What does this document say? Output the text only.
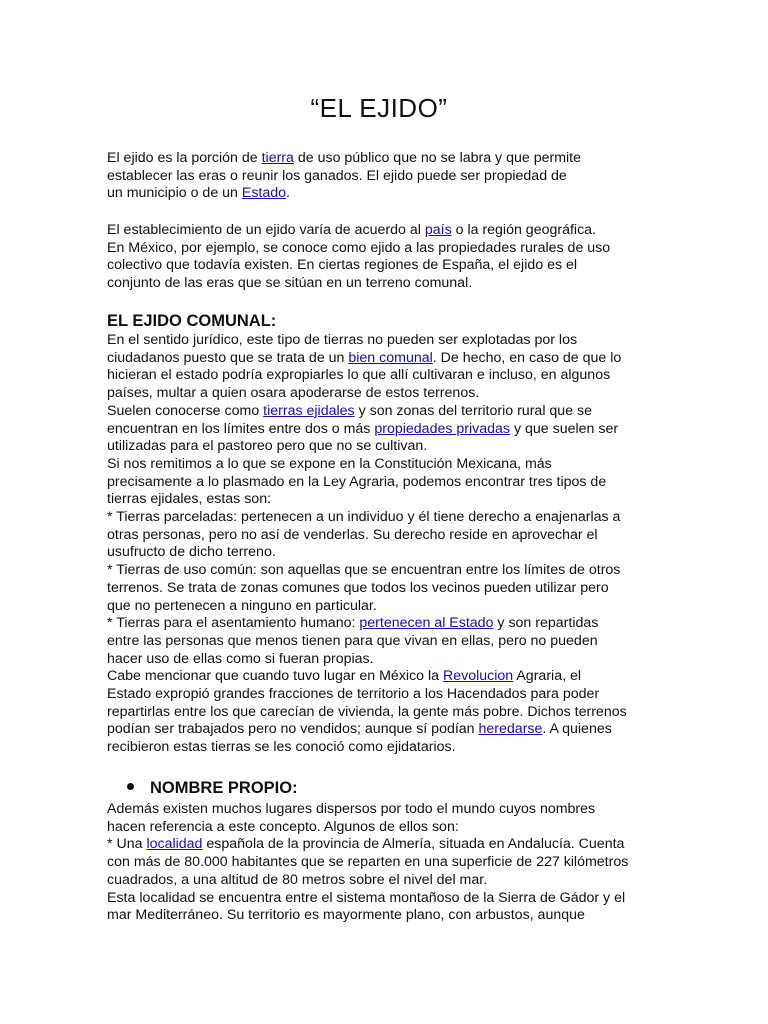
“EL EJIDO”

El ejido es la porción de tierra de uso público que no se labra y que permite
establecer las eras o reunir los ganados. El ejido puede ser propiedad de
un municipio o de un Estado.

El establecimiento de un ejido varía de acuerdo al país o la región geográfica.
En México, por ejemplo, se conoce como ejido a las propiedades rurales de uso
colectivo que todavía existen. En ciertas regiones de España, el ejido es el
conjunto de las eras que se sitúan en un terreno comunal.

EL EJIDO COMUNAL:

En el sentido jurídico, este tipo de tierras no pueden ser explotadas por los
ciudadanos puesto que se trata de un bien comunal. De hecho, en caso de que lo
hicieran el estado podría expropiarles lo que allí cultivaran e incluso, en algunos
países, multar a quien osara apoderarse de estos terrenos.
Suelen conocerse como tierras ejidales y son zonas del territorio rural que se
encuentran en los límites entre dos o más propiedades privadas y que suelen ser
utilizadas para el pastoreo pero que no se cultivan.
Si nos remitimos a lo que se expone en la Constitución Mexicana, más
precisamente a lo plasmado en la Ley Agraria, podemos encontrar tres tipos de
tierras ejidales, estas son:
* Tierras parceladas: pertenecen a un individuo y él tiene derecho a enajenarlas a
otras personas, pero no así de venderlas. Su derecho reside en aprovechar el
usufructo de dicho terreno.
* Tierras de uso común: son aquellas que se encuentran entre los límites de otros
terrenos. Se trata de zonas comunes que todos los vecinos pueden utilizar pero
que no pertenecen a ninguno en particular.
* Tierras para el asentamiento humano: pertenecen al Estado y son repartidas
entre las personas que menos tienen para que vivan en ellas, pero no pueden
hacer uso de ellas como si fueran propias.
Cabe mencionar que cuando tuvo lugar en México la Revolucion Agraria, el
Estado expropió grandes fracciones de territorio a los Hacendados para poder
repartirlas entre los que carecían de vivienda, la gente más pobre. Dichos terrenos
podían ser trabajados pero no vendidos; aunque sí podían heredarse. A quienes
recibieron estas tierras se les conoció como ejidatarios.

NOMBRE PROPIO:

Además existen muchos lugares dispersos por todo el mundo cuyos nombres
hacen referencia a este concepto. Algunos de ellos son:
* Una localidad española de la provincia de Almería, situada en Andalucía. Cuenta
con más de 80.000 habitantes que se reparten en una superficie de 227 kilómetros
cuadrados, a una altitud de 80 metros sobre el nivel del mar.
Esta localidad se encuentra entre el sistema montañoso de la Sierra de Gádor y el
mar Mediterráneo. Su territorio es mayormente plano, con arbustos, aunque
